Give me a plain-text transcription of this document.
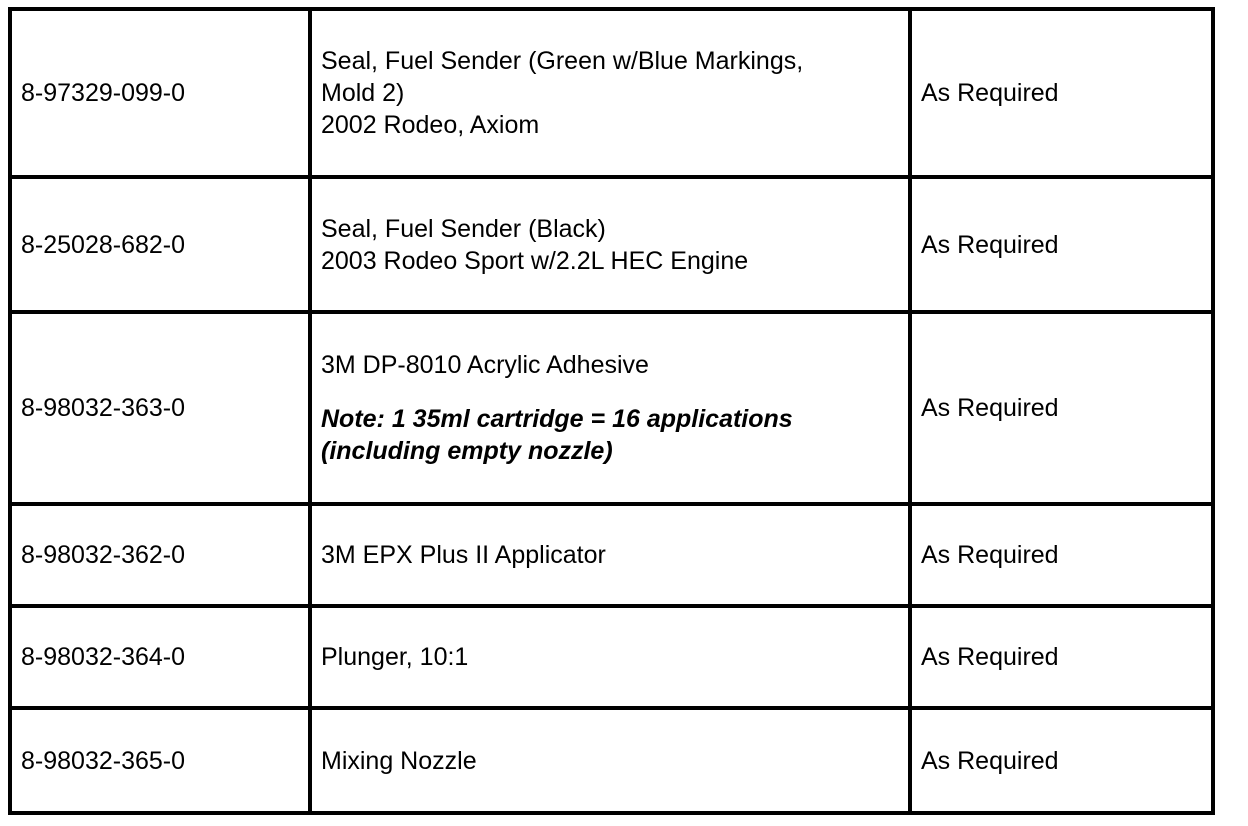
8-97329-099-0	Seal, Fuel Sender (Green w/Blue Markings,
Mold 2)
2002 Rodeo, Axiom	As Required
8-25028-682-0	Seal, Fuel Sender (Black)
2003 Rodeo Sport w/2.2L HEC Engine	As Required
8-98032-363-0	3M DP-8010 Acrylic Adhesive
Note: 1 35ml cartridge = 16 applications
(including empty nozzle)	As Required
8-98032-362-0	3M EPX Plus II Applicator	As Required
8-98032-364-0	Plunger, 10:1	As Required
8-98032-365-0	Mixing Nozzle	As Required
